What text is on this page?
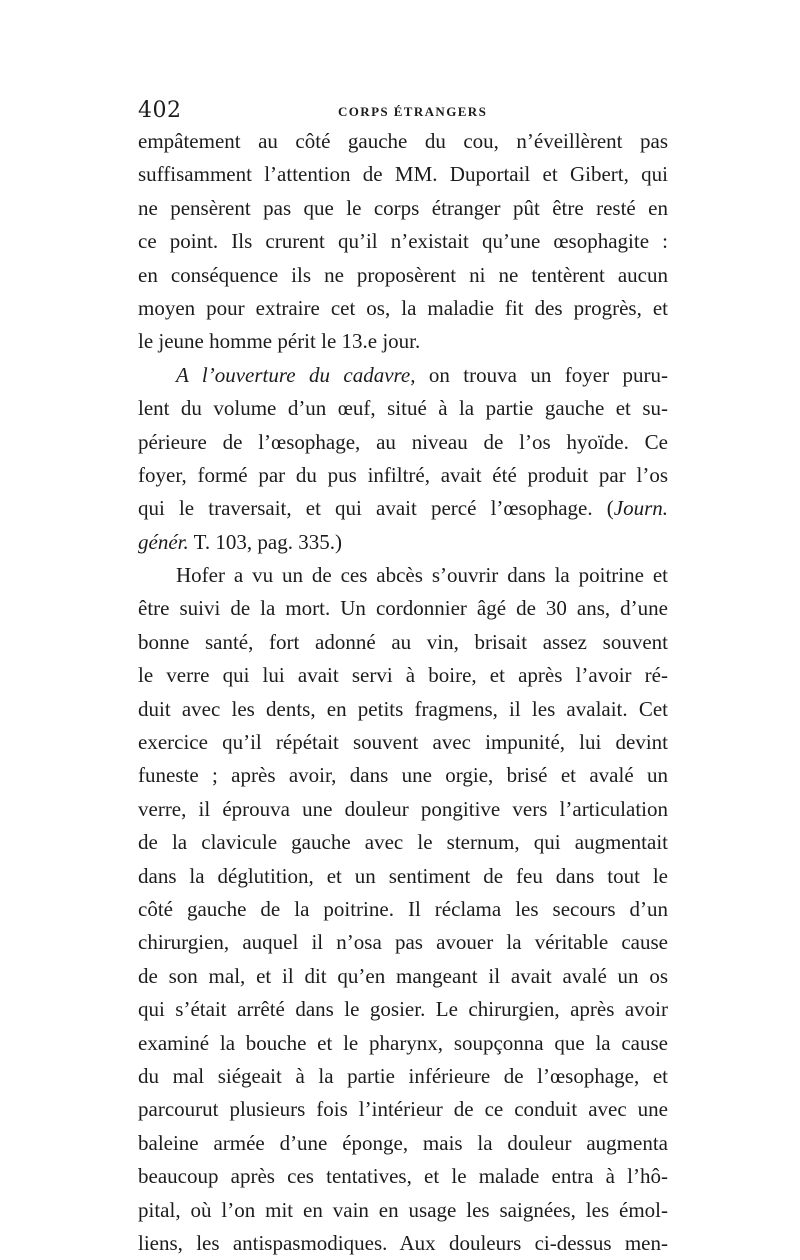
402	CORPS ÉTRANGERS
empâtement au côté gauche du cou, n’éveillèrent pas
suffisamment l’attention de MM. Duportail et Gibert, qui
ne pensèrent pas que le corps étranger pût être resté en
ce point. Ils crurent qu’il n’existait qu’une œsophagite :
en conséquence ils ne proposèrent ni ne tentèrent aucun
moyen pour extraire cet os, la maladie fit des progrès, et
le jeune homme périt le 13.e jour.
A l’ouverture du cadavre, on trouva un foyer puru-
lent du volume d’un œuf, situé à la partie gauche et su-
périeure de l’œsophage, au niveau de l’os hyoïde. Ce
foyer, formé par du pus infiltré, avait été produit par l’os
qui le traversait, et qui avait percé l’œsophage. (Journ.
génér. T. 103, pag. 335.)
Hofer a vu un de ces abcès s’ouvrir dans la poitrine et
être suivi de la mort. Un cordonnier âgé de 30 ans, d’une
bonne santé, fort adonné au vin, brisait assez souvent
le verre qui lui avait servi à boire, et après l’avoir ré-
duit avec les dents, en petits fragmens, il les avalait. Cet
exercice qu’il répétait souvent avec impunité, lui devint
funeste ; après avoir, dans une orgie, brisé et avalé un
verre, il éprouva une douleur pongitive vers l’articulation
de la clavicule gauche avec le sternum, qui augmentait
dans la déglutition, et un sentiment de feu dans tout le
côté gauche de la poitrine. Il réclama les secours d’un
chirurgien, auquel il n’osa pas avouer la véritable cause
de son mal, et il dit qu’en mangeant il avait avalé un os
qui s’était arrêté dans le gosier. Le chirurgien, après avoir
examiné la bouche et le pharynx, soupçonna que la cause
du mal siégeait à la partie inférieure de l’œsophage, et
parcourut plusieurs fois l’intérieur de ce conduit avec une
baleine armée d’une éponge, mais la douleur augmenta
beaucoup après ces tentatives, et le malade entra à l’hô-
pital, où l’on mit en vain en usage les saignées, les émol-
liens, les antispasmodiques. Aux douleurs ci-dessus men-
